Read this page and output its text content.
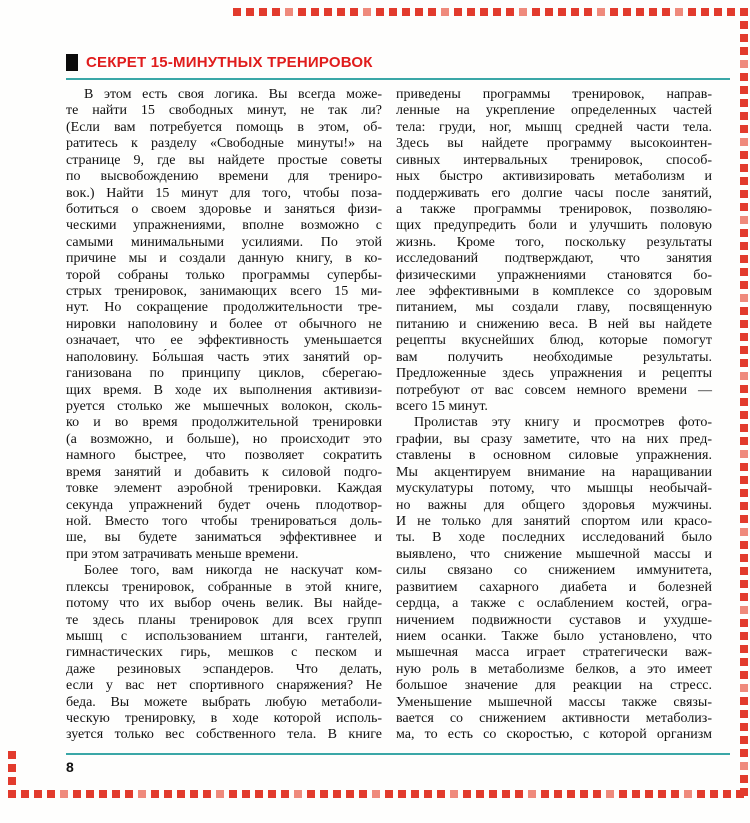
СЕКРЕТ 15-МИНУТНЫХ ТРЕНИРОВОК
В этом есть своя логика. Вы всегда може-
те найти 15 свободных минут, не так ли?
(Если вам потребуется помощь в этом, об-
ратитесь к разделу «Свободные минуты!» на
странице 9, где вы найдете простые советы
по высвобождению времени для трениро-
вок.) Найти 15 минут для того, чтобы поза-
ботиться о своем здоровье и заняться физи-
ческими упражнениями, вполне возможно с
самыми минимальными усилиями. По этой
причине мы и создали данную книгу, в ко-
торой собраны только программы супербы-
стрых тренировок, занимающих всего 15 ми-
нут. Но сокращение продолжительности тре-
нировки наполовину и более от обычного не
означает, что ее эффективность уменьшается
наполовину. Бо́льшая часть этих занятий ор-
ганизована по принципу циклов, сберегаю-
щих время. В ходе их выполнения активизи-
руется столько же мышечных волокон, сколь-
ко и во время продолжительной тренировки
(а возможно, и больше), но происходит это
намного быстрее, что позволяет сократить
время занятий и добавить к силовой подго-
товке элемент аэробной тренировки. Каждая
секунда упражнений будет очень плодотвор-
ной. Вместо того чтобы тренироваться доль-
ше, вы будете заниматься эффективнее и
при этом затрачивать меньше времени.
Более того, вам никогда не наскучат ком-
плексы тренировок, собранные в этой книге,
потому что их выбор очень велик. Вы найде-
те здесь планы тренировок для всех групп
мышц с использованием штанги, гантелей,
гимнастических гирь, мешков с песком и
даже резиновых эспандеров. Что делать,
если у вас нет спортивного снаряжения? Не
беда. Вы можете выбрать любую метаболи-
ческую тренировку, в ходе которой исполь-
зуется только вес собственного тела. В книге
приведены программы тренировок, направ-
ленные на укрепление определенных частей
тела: груди, ног, мышц средней части тела.
Здесь вы найдете программу высокоинтен-
сивных интервальных тренировок, способ-
ных быстро активизировать метаболизм и
поддерживать его долгие часы после занятий,
а также программы тренировок, позволяю-
щих предупредить боли и улучшить половую
жизнь. Кроме того, поскольку результаты
исследований подтверждают, что занятия
физическими упражнениями становятся бо-
лее эффективными в комплексе со здоровым
питанием, мы создали главу, посвященную
питанию и снижению веса. В ней вы найдете
рецепты вкуснейших блюд, которые помогут
вам получить необходимые результаты.
Предложенные здесь упражнения и рецепты
потребуют от вас совсем немного времени —
всего 15 минут.
Пролистав эту книгу и просмотрев фото-
графии, вы сразу заметите, что на них пред-
ставлены в основном силовые упражнения.
Мы акцентируем внимание на наращивании
мускулатуры потому, что мышцы необычай-
но важны для общего здоровья мужчины.
И не только для занятий спортом или красо-
ты. В ходе последних исследований было
выявлено, что снижение мышечной массы и
силы связано со снижением иммунитета,
развитием сахарного диабета и болезней
сердца, а также с ослаблением костей, огра-
ничением подвижности суставов и ухудше-
нием осанки. Также было установлено, что
мышечная масса играет стратегически важ-
ную роль в метаболизме белков, а это имеет
большое значение для реакции на стресс.
Уменьшение мышечной массы также связы-
вается со снижением активности метаболиз-
ма, то есть со скоростью, с которой организм
8
